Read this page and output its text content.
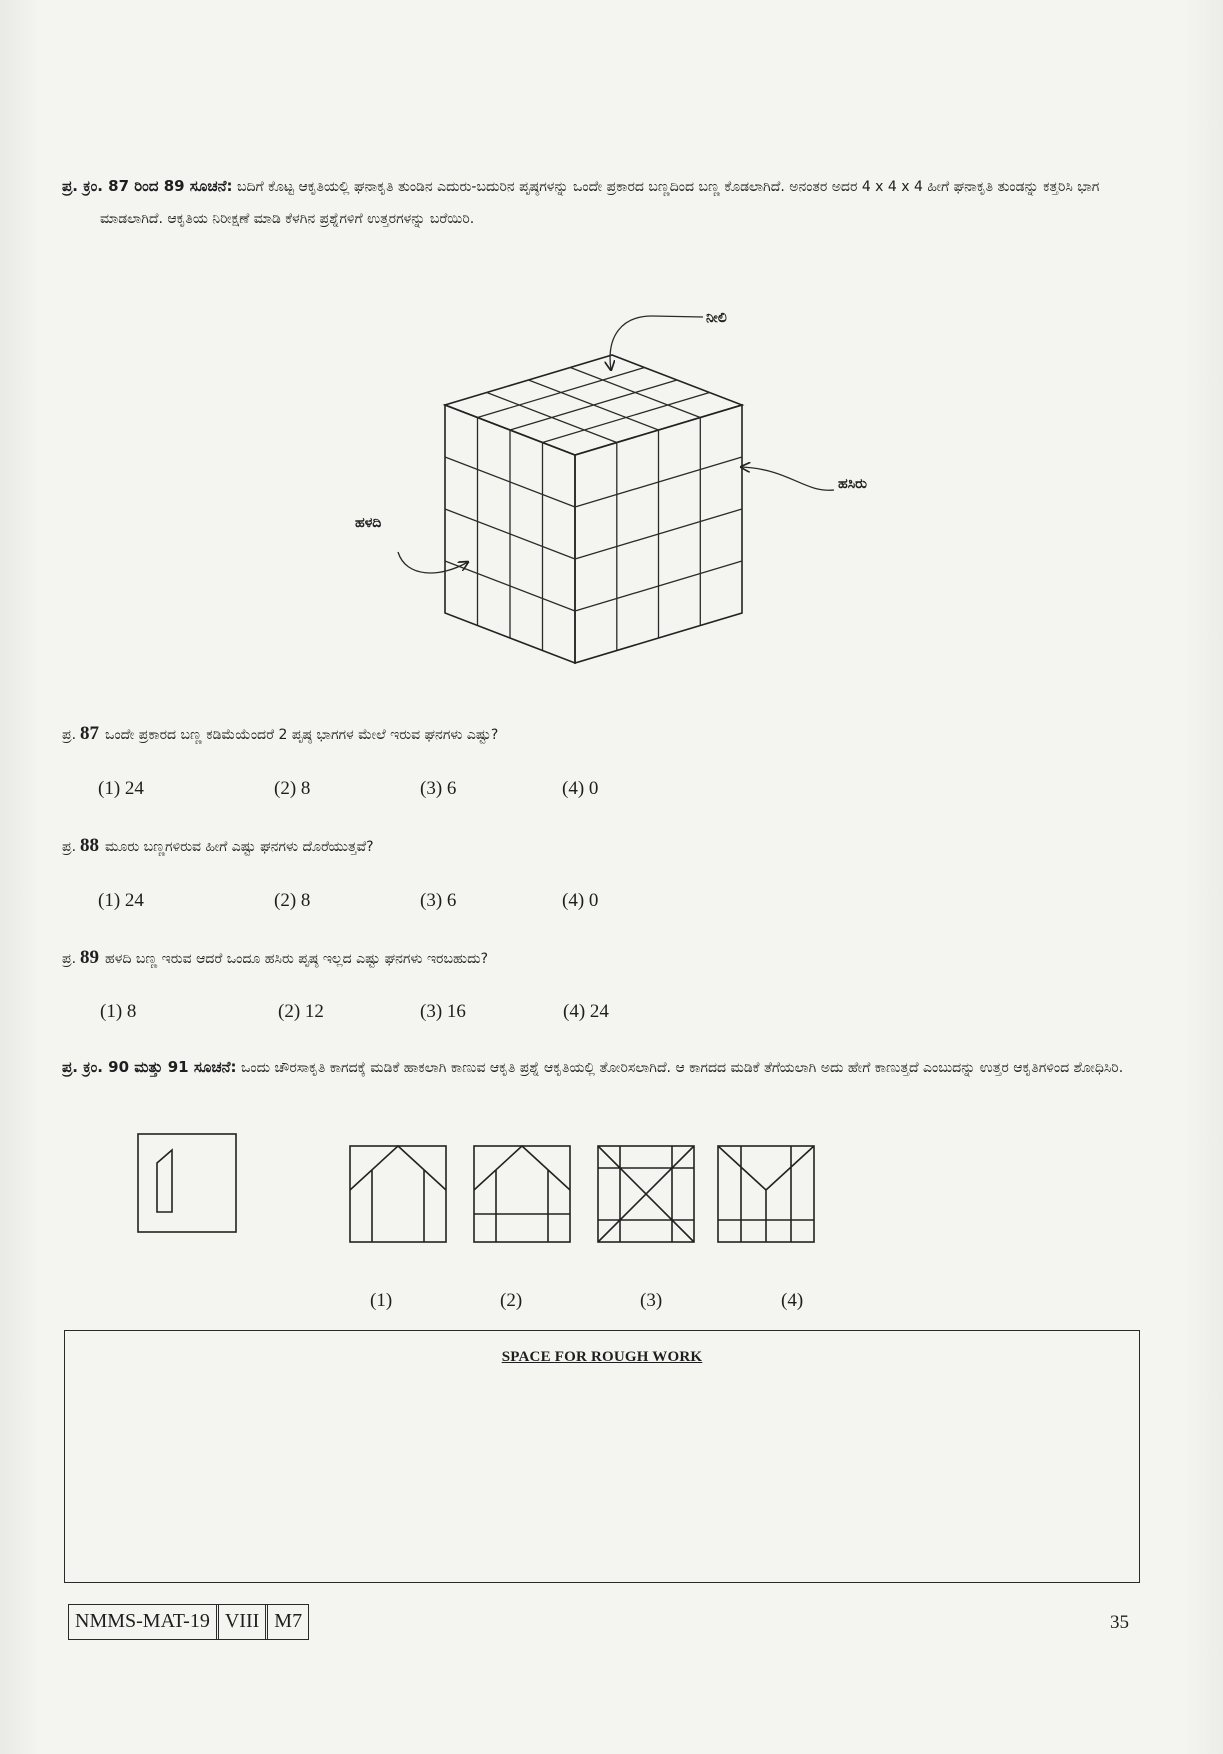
ಪ್ರ. ಕ್ರಂ. 87 ರಿಂದ 89 ಸೂಚನೆ: ಬದಿಗೆ ಕೊಟ್ಟ ಆಕೃತಿಯಲ್ಲಿ ಘನಾಕೃತಿ ತುಂಡಿನ ಎದುರು-ಬದುರಿನ ಪೃಷ್ಠಗಳನ್ನು ಒಂದೇ ಪ್ರಕಾರದ ಬಣ್ಣದಿಂದ ಬಣ್ಣ ಕೊಡಲಾಗಿದೆ. ಅನಂತರ ಅದರ 4 x 4 x 4 ಹೀಗೆ ಘನಾಕೃತಿ ತುಂಡನ್ನು ಕತ್ತರಿಸಿ ಭಾಗ ಮಾಡಲಾಗಿದೆ. ಆಕೃತಿಯ ನಿರೀಕ್ಷಣೆ ಮಾಡಿ ಕೆಳಗಿನ ಪ್ರಶ್ನೆಗಳಿಗೆ ಉತ್ತರಗಳನ್ನು ಬರೆಯಿರಿ.
ನೀಲಿ
ಹಸಿರು
ಹಳದಿ
ಪ್ರ. 87 ಒಂದೇ ಪ್ರಕಾರದ ಬಣ್ಣ ಕಡಿಮೆಯೆಂದರೆ 2 ಪೃಷ್ಠ ಭಾಗಗಳ ಮೇಲೆ ಇರುವ ಘನಗಳು ಎಷ್ಟು?
(1) 24	(2) 8	(3) 6	(4) 0
ಪ್ರ. 88 ಮೂರು ಬಣ್ಣಗಳಿರುವ ಹೀಗೆ ಎಷ್ಟು ಘನಗಳು ದೊರೆಯುತ್ತವೆ?
(1) 24	(2) 8	(3) 6	(4) 0
ಪ್ರ. 89 ಹಳದಿ ಬಣ್ಣ ಇರುವ ಆದರೆ ಒಂದೂ ಹಸಿರು ಪೃಷ್ಠ ಇಲ್ಲದ ಎಷ್ಟು ಘನಗಳು ಇರಬಹುದು?
(1) 8	(2) 12	(3) 16	(4) 24
ಪ್ರ. ಕ್ರಂ. 90 ಮತ್ತು 91 ಸೂಚನೆ: ಒಂದು ಚೌರಸಾಕೃತಿ ಕಾಗದಕ್ಕೆ ಮಡಿಕೆ ಹಾಕಲಾಗಿ ಕಾಣುವ ಆಕೃತಿ ಪ್ರಶ್ನೆ ಆಕೃತಿಯಲ್ಲಿ ತೋರಿಸಲಾಗಿದೆ. ಆ ಕಾಗದದ ಮಡಿಕೆ ತೆಗೆಯಲಾಗಿ ಅದು ಹೇಗೆ ಕಾಣುತ್ತದೆ ಎಂಬುದನ್ನು ಉತ್ತರ ಆಕೃತಿಗಳಿಂದ ಶೋಧಿಸಿರಿ.
(1)	(2)	(3)	(4)
SPACE FOR ROUGH WORK
NMMS-MAT-19 VIII M7	35
